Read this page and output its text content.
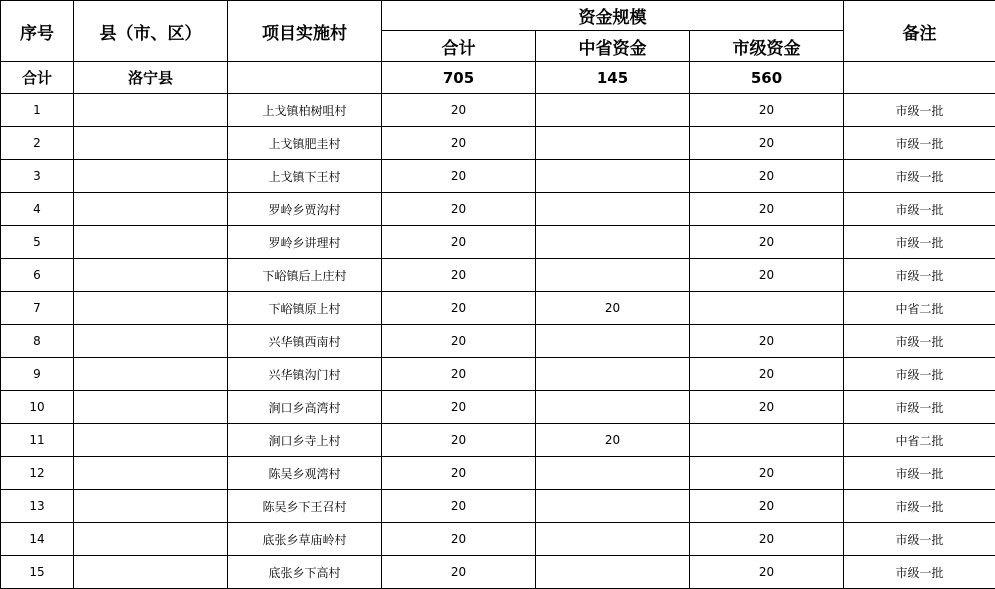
序号	县（市、区）	项目实施村	资金规模			备注
			合计	中省资金	市级资金	
合计	洛宁县		705	145	560	
1		上戈镇柏树咀村	20		20	市级一批
2		上戈镇肥圭村	20		20	市级一批
3		上戈镇下王村	20		20	市级一批
4		罗岭乡贾沟村	20		20	市级一批
5		罗岭乡讲理村	20		20	市级一批
6		下峪镇后上庄村	20		20	市级一批
7		下峪镇原上村	20	20		中省二批
8		兴华镇西南村	20		20	市级一批
9		兴华镇沟门村	20		20	市级一批
10		涧口乡高湾村	20		20	市级一批
11		涧口乡寺上村	20	20		中省二批
12		陈吴乡观湾村	20		20	市级一批
13		陈吴乡下王召村	20		20	市级一批
14		底张乡草庙岭村	20		20	市级一批
15		底张乡下高村	20		20	市级一批
